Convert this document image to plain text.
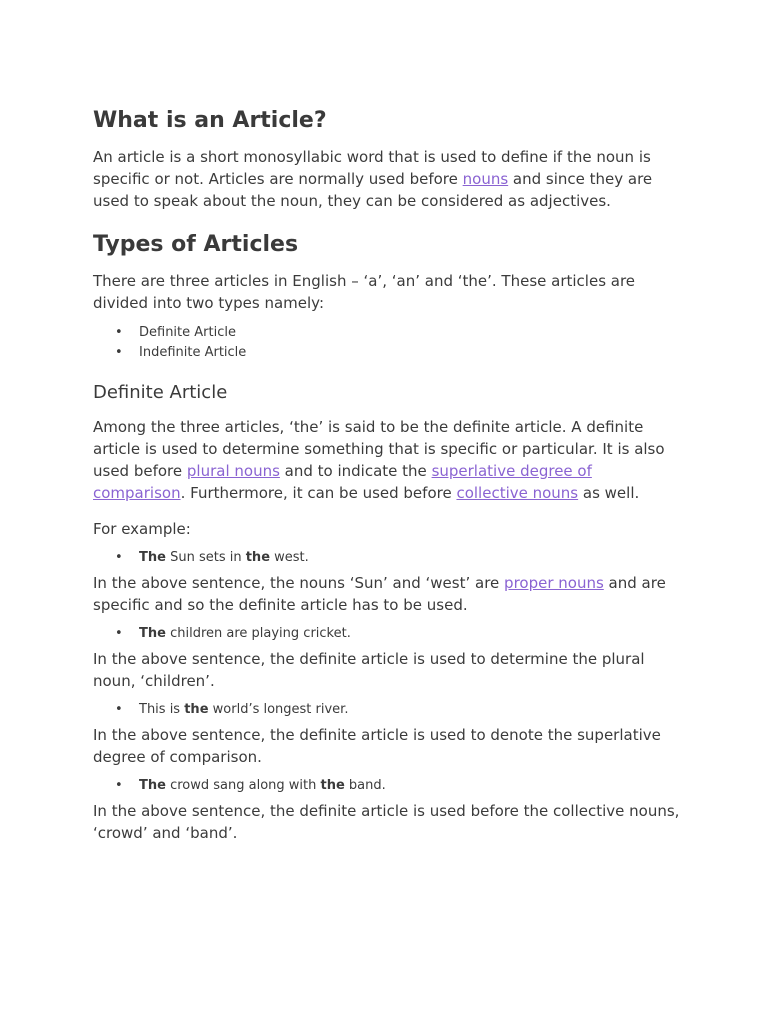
What is an Article?

An article is a short monosyllabic word that is used to define if the noun is specific or not. Articles are normally used before nouns and since they are used to speak about the noun, they can be considered as adjectives.

Types of Articles

There are three articles in English – ‘a’, ‘an’ and ‘the’. These articles are divided into two types namely:

• Definite Article
• Indefinite Article
Definite Article

Among the three articles, ‘the’ is said to be the definite article. A definite article is used to determine something that is specific or particular. It is also used before plural nouns and to indicate the superlative degree of comparison. Furthermore, it can be used before collective nouns as well.

For example:

• The Sun sets in the west.

In the above sentence, the nouns ‘Sun’ and ‘west’ are proper nouns and are specific and so the definite article has to be used.

• The children are playing cricket.

In the above sentence, the definite article is used to determine the plural noun, ‘children’.

• This is the world’s longest river.

In the above sentence, the definite article is used to denote the superlative degree of comparison.

• The crowd sang along with the band.

In the above sentence, the definite article is used before the collective nouns, ‘crowd’ and ‘band’.
